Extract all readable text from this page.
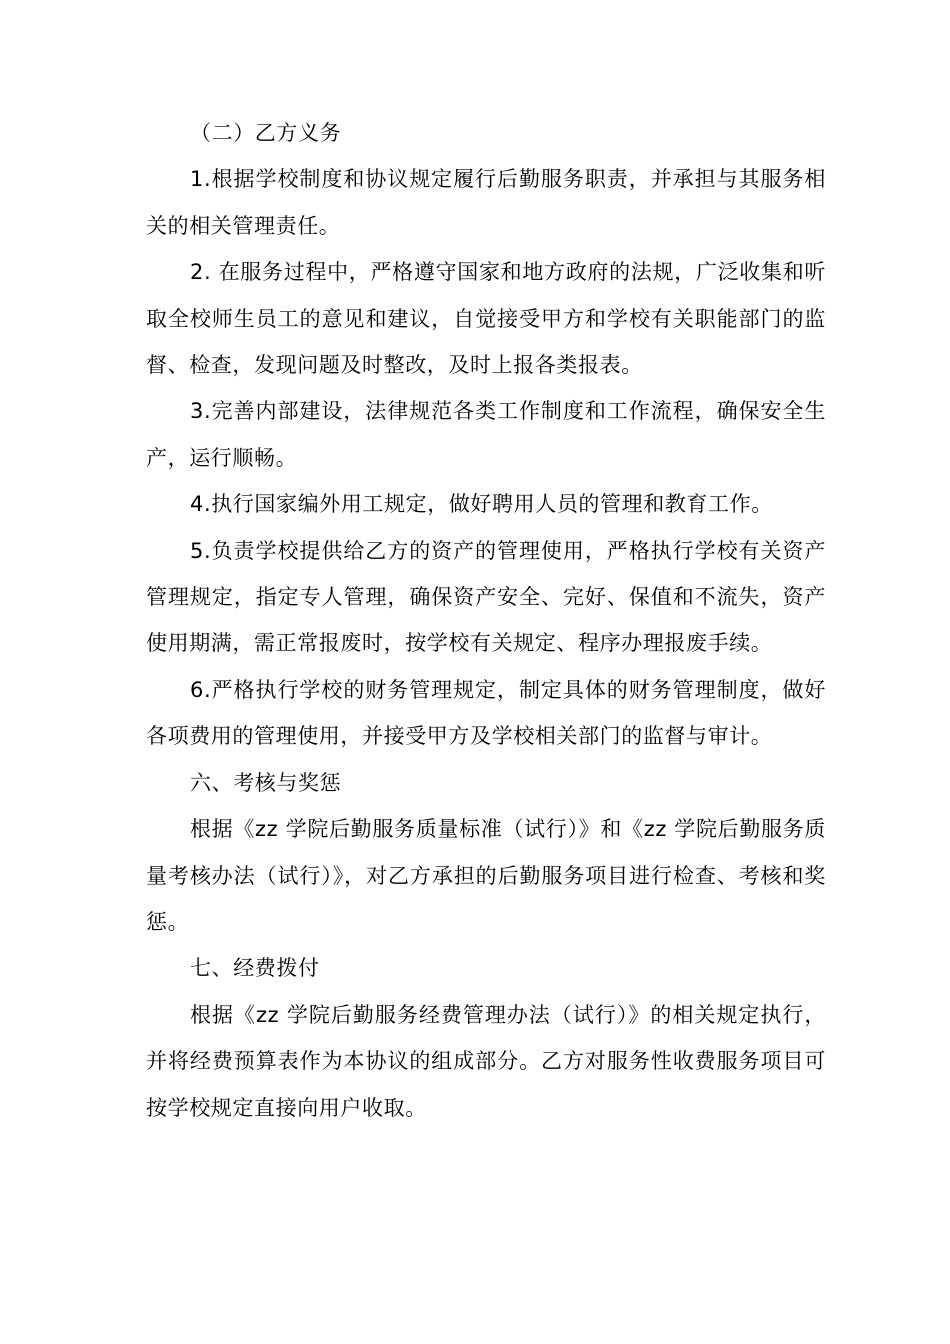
（二）乙方义务

1.根据学校制度和协议规定履行后勤服务职责，并承担与其服务相关的相关管理责任。

2. 在服务过程中，严格遵守国家和地方政府的法规，广泛收集和听取全校师生员工的意见和建议，自觉接受甲方和学校有关职能部门的监督、检查，发现问题及时整改，及时上报各类报表。

3.完善内部建设，法律规范各类工作制度和工作流程，确保安全生产，运行顺畅。

4.执行国家编外用工规定，做好聘用人员的管理和教育工作。

5.负责学校提供给乙方的资产的管理使用，严格执行学校有关资产管理规定，指定专人管理，确保资产安全、完好、保值和不流失，资产使用期满，需正常报废时，按学校有关规定、程序办理报废手续。

6.严格执行学校的财务管理规定，制定具体的财务管理制度，做好各项费用的管理使用，并接受甲方及学校相关部门的监督与审计。

六、考核与奖惩

根据《zz 学院后勤服务质量标准（试行）》和《zz 学院后勤服务质量考核办法（试行）》，对乙方承担的后勤服务项目进行检查、考核和奖惩。

七、经费拨付

根据《zz 学院后勤服务经费管理办法（试行）》的相关规定执行，并将经费预算表作为本协议的组成部分。乙方对服务性收费服务项目可按学校规定直接向用户收取。
